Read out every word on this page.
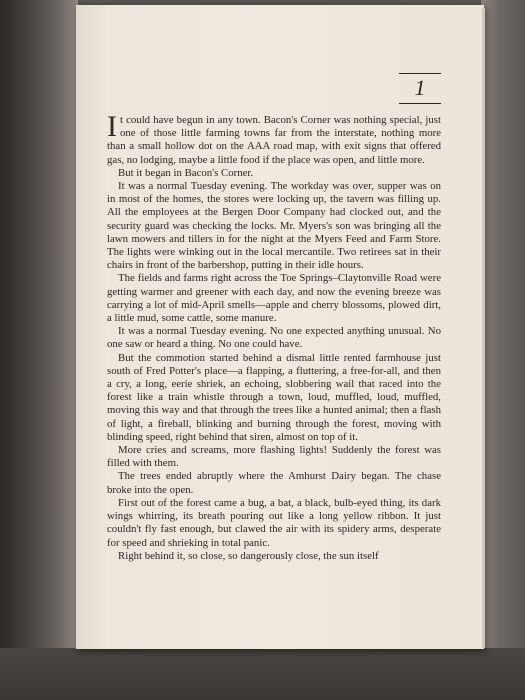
1

It could have begun in any town. Bacon's Corner was nothing special, just one of those little farming towns far from the interstate, nothing more than a small hollow dot on the AAA road map, with exit signs that offered gas, no lodging, maybe a little food if the place was open, and little more.

But it began in Bacon's Corner.

It was a normal Tuesday evening. The workday was over, supper was on in most of the homes, the stores were locking up, the tavern was filling up. All the employees at the Bergen Door Company had clocked out, and the security guard was checking the locks. Mr. Myers's son was bringing all the lawn mowers and tillers in for the night at the Myers Feed and Farm Store. The lights were winking out in the local mercantile. Two retirees sat in their chairs in front of the barbershop, putting in their idle hours.

The fields and farms right across the Toe Springs–Claytonville Road were getting warmer and greener with each day, and now the evening breeze was carrying a lot of mid-April smells—apple and cherry blossoms, plowed dirt, a little mud, some cattle, some manure.

It was a normal Tuesday evening. No one expected anything unusual. No one saw or heard a thing. No one could have.

But the commotion started behind a dismal little rented farmhouse just south of Fred Potter's place—a flapping, a fluttering, a free-for-all, and then a cry, a long, eerie shriek, an echoing, slobbering wail that raced into the forest like a train whistle through a town, loud, muffled, loud, muffled, moving this way and that through the trees like a hunted animal; then a flash of light, a fireball, blinking and burning through the forest, moving with blinding speed, right behind that siren, almost on top of it.

More cries and screams, more flashing lights! Suddenly the forest was filled with them.

The trees ended abruptly where the Amhurst Dairy began. The chase broke into the open.

First out of the forest came a bug, a bat, a black, bulb-eyed thing, its dark wings whirring, its breath pouring out like a long yellow ribbon. It just couldn't fly fast enough, but clawed the air with its spidery arms, desperate for speed and shrieking in total panic.

Right behind it, so close, so dangerously close, the sun itself
